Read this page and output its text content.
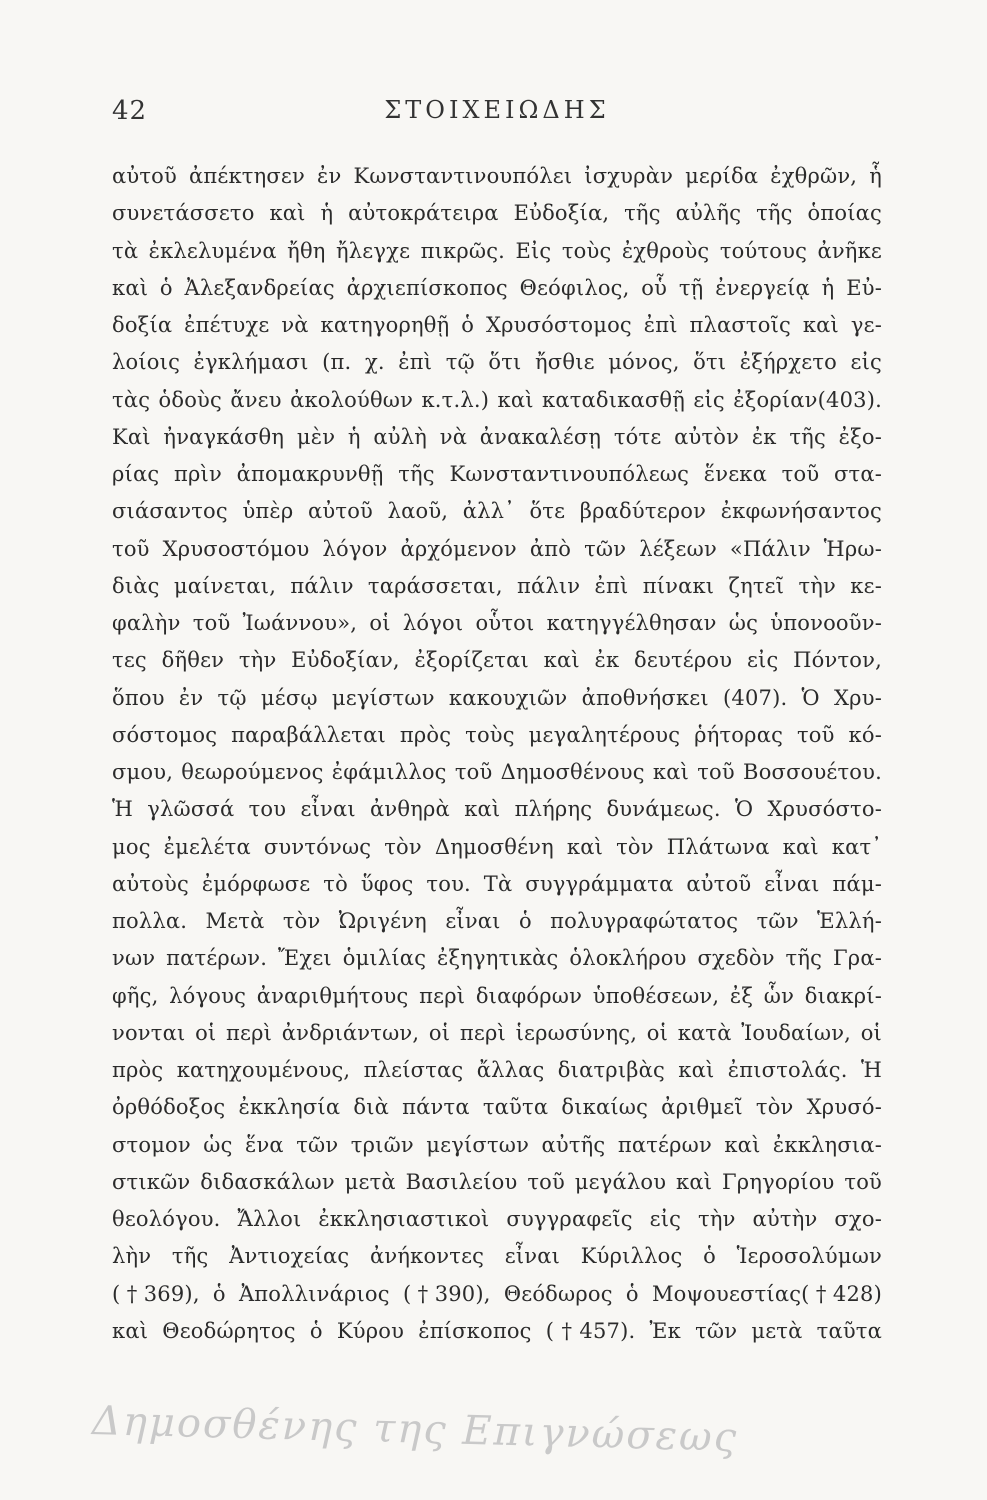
42	ΣΤΟΙΧΕΙΩΔΗΣ
αὐτοῦ ἀπέκτησεν ἐν Κωνσταντινουπόλει ἰσχυρὰν μερίδα ἐχθρῶν, ἧ
συνετάσσετο καὶ ἡ αὐτοκράτειρα Εὐδοξία, τῆς αὐλῆς τῆς ὁποίας
τὰ ἐκλελυμένα ἤθη ἤλεγχε πικρῶς. Εἰς τοὺς ἐχθροὺς τούτους ἀνῆκε
καὶ ὁ Ἀλεξανδρείας ἀρχιεπίσκοπος Θεόφιλος, οὗ τῇ ἐνεργείᾳ ἡ Εὐ-
δοξία ἐπέτυχε νὰ κατηγορηθῇ ὁ Χρυσόστομος ἐπὶ πλαστοῖς καὶ γε-
λοίοις ἐγκλήμασι (π. χ. ἐπὶ τῷ ὅτι ἤσθιε μόνος, ὅτι ἐξήρχετο εἰς
τὰς ὁδοὺς ἄνευ ἀκολούθων κ.τ.λ.) καὶ καταδικασθῇ εἰς ἐξορίαν(403).
Καὶ ἠναγκάσθη μὲν ἡ αὐλὴ νὰ ἀνακαλέσῃ τότε αὐτὸν ἐκ τῆς ἐξο-
ρίας πρὶν ἀπομακρυνθῇ τῆς Κωνσταντινουπόλεως ἕνεκα τοῦ στα-
σιάσαντος ὑπὲρ αὐτοῦ λαοῦ, ἀλλ᾽ ὅτε βραδύτερον ἐκφωνήσαντος
τοῦ Χρυσοστόμου λόγον ἀρχόμενον ἀπὸ τῶν λέξεων «Πάλιν Ἡρω-
διὰς μαίνεται, πάλιν ταράσσεται, πάλιν ἐπὶ πίνακι ζητεῖ τὴν κε-
φαλὴν τοῦ Ἰωάννου», οἱ λόγοι οὗτοι κατηγγέλθησαν ὡς ὑπονοοῦν-
τες δῆθεν τὴν Εὐδοξίαν, ἐξορίζεται καὶ ἐκ δευτέρου εἰς Πόντον,
ὅπου ἐν τῷ μέσῳ μεγίστων κακουχιῶν ἀποθνήσκει (407). Ὁ Χρυ-
σόστομος παραβάλλεται πρὸς τοὺς μεγαλητέρους ῥήτορας τοῦ κό-
σμου, θεωρούμενος ἐφάμιλλος τοῦ Δημοσθένους καὶ τοῦ Βοσσουέτου.
Ἡ γλῶσσά του εἶναι ἀνθηρὰ καὶ πλήρης δυνάμεως. Ὁ Χρυσόστο-
μος ἐμελέτα συντόνως τὸν Δημοσθένη καὶ τὸν Πλάτωνα καὶ κατ᾽
αὐτοὺς ἐμόρφωσε τὸ ὕφος του. Τὰ συγγράμματα αὐτοῦ εἶναι πάμ-
πολλα. Μετὰ τὸν Ὠριγένη εἶναι ὁ πολυγραφώτατος τῶν Ἑλλή-
νων πατέρων. Ἔχει ὁμιλίας ἐξηγητικὰς ὁλοκλήρου σχεδὸν τῆς Γρα-
φῆς, λόγους ἀναριθμήτους περὶ διαφόρων ὑποθέσεων, ἐξ ὧν διακρί-
νονται οἱ περὶ ἀνδριάντων, οἱ περὶ ἱερωσύνης, οἱ κατὰ Ἰουδαίων, οἱ
πρὸς κατηχουμένους, πλείστας ἄλλας διατριβὰς καὶ ἐπιστολάς. Ἡ
ὀρθόδοξος ἐκκλησία διὰ πάντα ταῦτα δικαίως ἀριθμεῖ τὸν Χρυσό-
στομον ὡς ἕνα τῶν τριῶν μεγίστων αὐτῆς πατέρων καὶ ἐκκλησια-
στικῶν διδασκάλων μετὰ Βασιλείου τοῦ μεγάλου καὶ Γρηγορίου τοῦ
θεολόγου. Ἄλλοι ἐκκλησιαστικοὶ συγγραφεῖς εἰς τὴν αὐτὴν σχο-
λὴν τῆς Ἀντιοχείας ἀνήκοντες εἶναι Κύριλλος ὁ Ἱεροσολύμων
(†369), ὁ Ἀπολλινάριος (†390), Θεόδωρος ὁ Μοψουεστίας(†428)
καὶ Θεοδώρητος ὁ Κύρου ἐπίσκοπος (†457). Ἐκ τῶν μετὰ ταῦτα
Δημοσθένης της Επιγνώσεως
